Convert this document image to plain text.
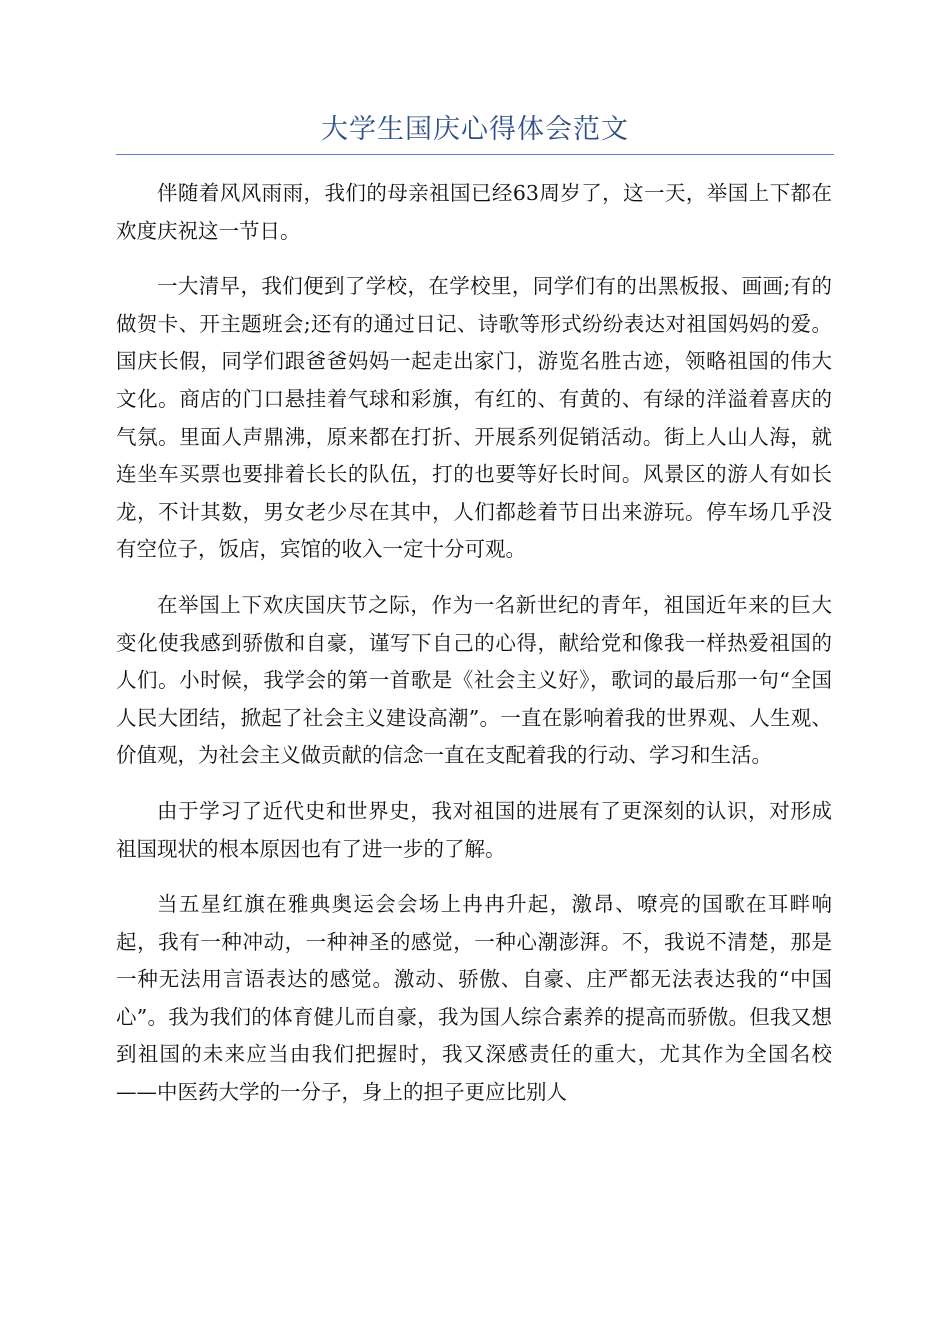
大学生国庆心得体会范文

伴随着风风雨雨，我们的母亲祖国已经63周岁了，这一天，举国上下都在欢度庆祝这一节日。

一大清早，我们便到了学校，在学校里，同学们有的出黑板报、画画;有的做贺卡、开主题班会;还有的通过日记、诗歌等形式纷纷表达对祖国妈妈的爱。国庆长假，同学们跟爸爸妈妈一起走出家门，游览名胜古迹，领略祖国的伟大文化。商店的门口悬挂着气球和彩旗，有红的、有黄的、有绿的洋溢着喜庆的气氛。里面人声鼎沸，原来都在打折、开展系列促销活动。街上人山人海，就连坐车买票也要排着长长的队伍，打的也要等好长时间。风景区的游人有如长龙，不计其数，男女老少尽在其中，人们都趁着节日出来游玩。停车场几乎没有空位子，饭店，宾馆的收入一定十分可观。

在举国上下欢庆国庆节之际，作为一名新世纪的青年，祖国近年来的巨大变化使我感到骄傲和自豪，谨写下自己的心得，献给党和像我一样热爱祖国的人们。小时候，我学会的第一首歌是《社会主义好》，歌词的最后那一句“全国人民大团结，掀起了社会主义建设高潮”。一直在影响着我的世界观、人生观、价值观，为社会主义做贡献的信念一直在支配着我的行动、学习和生活。

由于学习了近代史和世界史，我对祖国的进展有了更深刻的认识，对形成祖国现状的根本原因也有了进一步的了解。

当五星红旗在雅典奥运会会场上冉冉升起，激昂、嘹亮的国歌在耳畔响起，我有一种冲动，一种神圣的感觉，一种心潮澎湃。不，我说不清楚，那是一种无法用言语表达的感觉。激动、骄傲、自豪、庄严都无法表达我的“中国心”。我为我们的体育健儿而自豪，我为国人综合素养的提高而骄傲。但我又想到祖国的未来应当由我们把握时，我又深感责任的重大，尤其作为全国名校——中医药大学的一分子，身上的担子更应比别人
